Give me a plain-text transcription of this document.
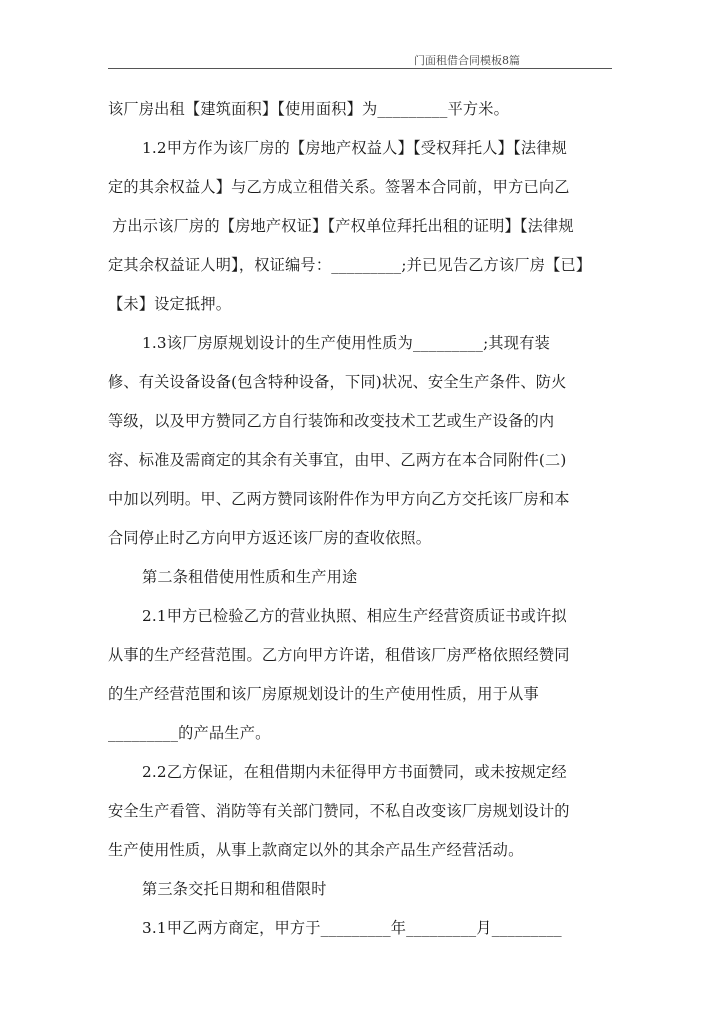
门面租借合同模板8篇
该厂房出租【建筑面积】【使用面积】为_________平方米。
1.2甲方作为该厂房的【房地产权益人】【受权拜托人】【法律规
定的其余权益人】与乙方成立租借关系。签署本合同前，甲方已向乙
方出示该厂房的【房地产权证】【产权单位拜托出租的证明】【法律规
定其余权益证人明】，权证编号：_________;并已见告乙方该厂房【已】
【未】设定抵押。
1.3该厂房原规划设计的生产使用性质为_________;其现有装
修、有关设备设备(包含特种设备，下同)状况、安全生产条件、防火
等级，以及甲方赞同乙方自行装饰和改变技术工艺或生产设备的内
容、标准及需商定的其余有关事宜，由甲、乙两方在本合同附件(二)
中加以列明。甲、乙两方赞同该附件作为甲方向乙方交托该厂房和本
合同停止时乙方向甲方返还该厂房的查收依照。
第二条租借使用性质和生产用途
2.1甲方已检验乙方的营业执照、相应生产经营资质证书或许拟
从事的生产经营范围。乙方向甲方许诺，租借该厂房严格依照经赞同
的生产经营范围和该厂房原规划设计的生产使用性质，用于从事
_________的产品生产。
2.2乙方保证，在租借期内未征得甲方书面赞同，或未按规定经
安全生产看管、消防等有关部门赞同，不私自改变该厂房规划设计的
生产使用性质，从事上款商定以外的其余产品生产经营活动。
第三条交托日期和租借限时
3.1甲乙两方商定，甲方于_________年_________月_________
